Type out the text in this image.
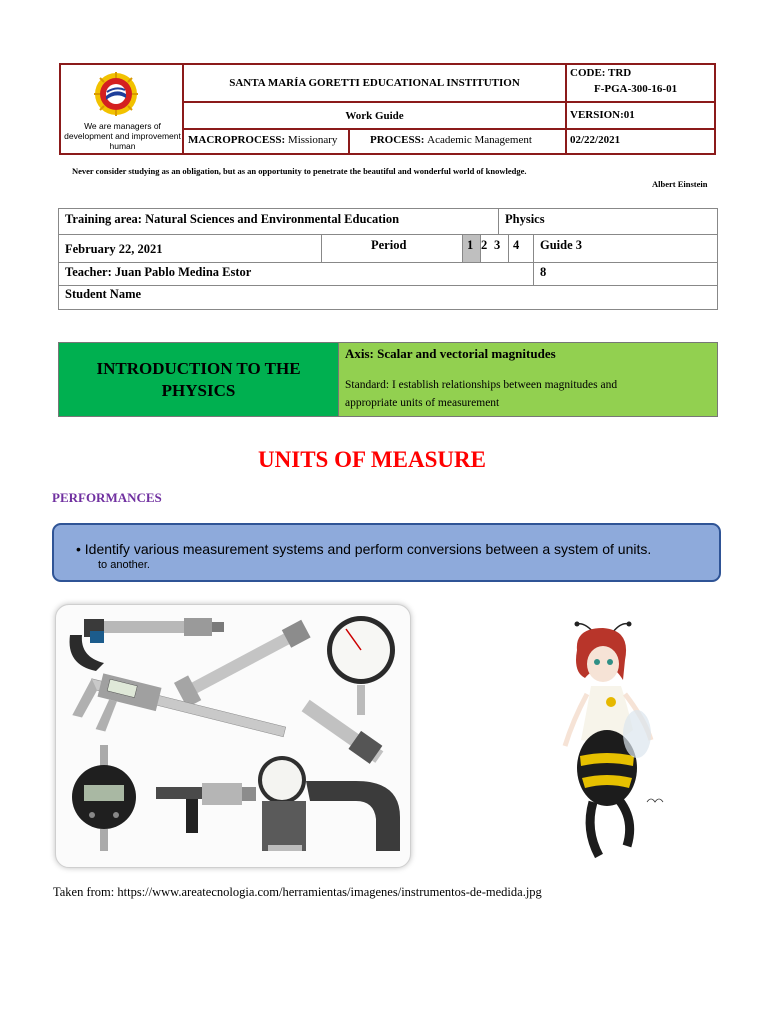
We are managers of development and improvement human
SANTA MARÍA GORETTI EDUCATIONAL INSTITUTION
CODE: TRD
F-PGA-300-16-01
Work Guide	VERSION:01
MACROPROCESS: Missionary	PROCESS: Academic Management	02/22/2021
Never consider studying as an obligation, but as an opportunity to penetrate the beautiful and wonderful world of knowledge.
Albert Einstein
Training area: Natural Sciences and Environmental Education	Physics
February 22, 2021	Period	1 2 3	4	Guide 3
Teacher: Juan Pablo Medina Estor	8
Student Name
INTRODUCTION TO THE PHYSICS
Axis: Scalar and vectorial magnitudes
Standard: I establish relationships between magnitudes and
appropriate units of measurement
UNITS OF MEASURE
PERFORMANCES
• Identify various measurement systems and perform conversions between a system of units.
to another.
Taken from: https://www.areatecnologia.com/herramientas/imagenes/instrumentos-de-medida.jpg
